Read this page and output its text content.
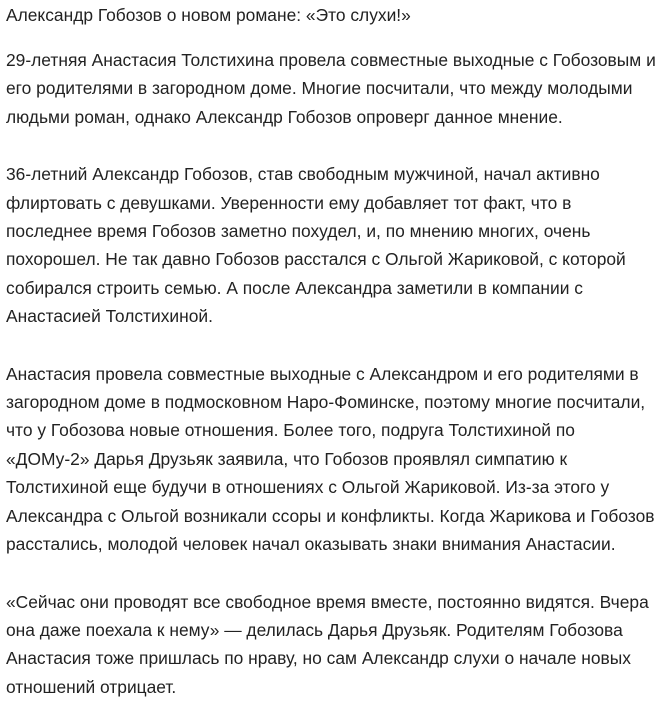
Александр Гобозов о новом романе: «Это слухи!»

29-летняя Анастасия Толстихина провела совместные выходные с Гобозовым и его родителями в загородном доме. Многие посчитали, что между молодыми людьми роман, однако Александр Гобозов опроверг данное мнение.

36-летний Александр Гобозов, став свободным мужчиной, начал активно флиртовать с девушками. Уверенности ему добавляет тот факт, что в последнее время Гобозов заметно похудел, и, по мнению многих, очень похорошел. Не так давно Гобозов расстался с Ольгой Жариковой, с которой собирался строить семью. А после Александра заметили в компании с Анастасией Толстихиной.

Анастасия провела совместные выходные с Александром и его родителями в загородном доме в подмосковном Наро-Фоминске, поэтому многие посчитали, что у Гобозова новые отношения. Более того, подруга Толстихиной по «ДОМу-2» Дарья Друзьяк заявила, что Гобозов проявлял симпатию к Толстихиной еще будучи в отношениях с Ольгой Жариковой. Из-за этого у Александра с Ольгой возникали ссоры и конфликты. Когда Жарикова и Гобозов расстались, молодой человек начал оказывать знаки внимания Анастасии.

«Сейчас они проводят все свободное время вместе, постоянно видятся. Вчера она даже поехала к нему» — делилась Дарья Друзьяк. Родителям Гобозова Анастасия тоже пришлась по нраву, но сам Александр слухи о начале новых отношений отрицает.
